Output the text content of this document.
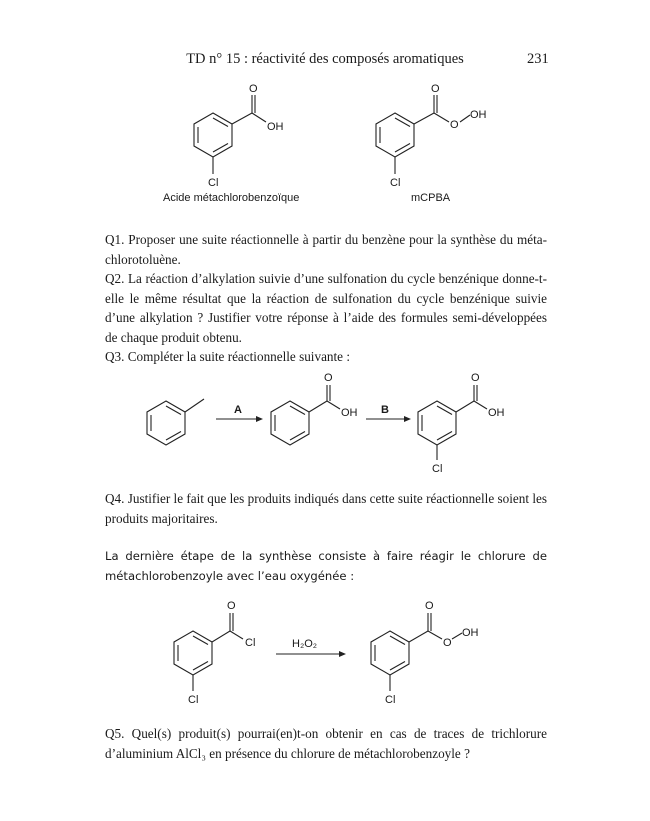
TD n° 15 : réactivité des composés aromatiques	231
O
OH
Cl
Acide métachlorobenzoïque
O
O
OH
Cl
mCPBA
Q1. Proposer une suite réactionnelle à partir du benzène pour la synthèse du méta-chlorotoluène.
Q2. La réaction d’alkylation suivie d’une sulfonation du cycle benzénique donne-t-elle le même résultat que la réaction de sulfonation du cycle benzénique suivie d’une alkylation ? Justifier votre réponse à l’aide des formules semi-développées de chaque produit obtenu.
Q3. Compléter la suite réactionnelle suivante :
A
O
OH B
O
OH
Cl
Q4. Justifier le fait que les produits indiqués dans cette suite réactionnelle soient les produits majoritaires.
La dernière étape de la synthèse consiste à faire réagir le chlorure de métachlorobenzoyle avec l’eau oxygénée :
O
Cl
Cl
H₂O₂
O
O
OH
Cl
Q5. Quel(s) produit(s) pourrai(en)t-on obtenir en cas de traces de trichlorure d’aluminium AlCl₃ en présence du chlorure de métachlorobenzoyle ?
